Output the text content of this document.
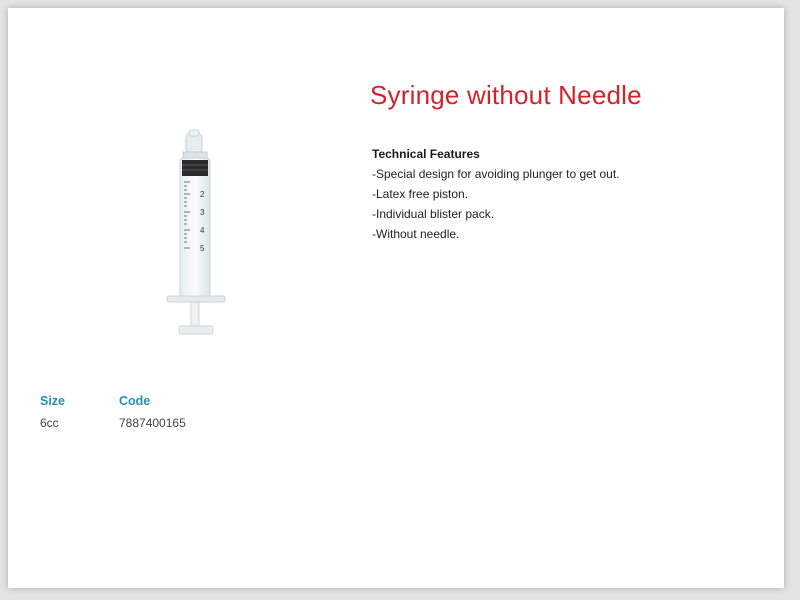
2
3
4
5
Syringe without Needle
Technical Features
-Special design for avoiding plunger to get out.
-Latex free piston.
-Individual blister pack.
-Without needle.
Size
6cc
Code
7887400165
